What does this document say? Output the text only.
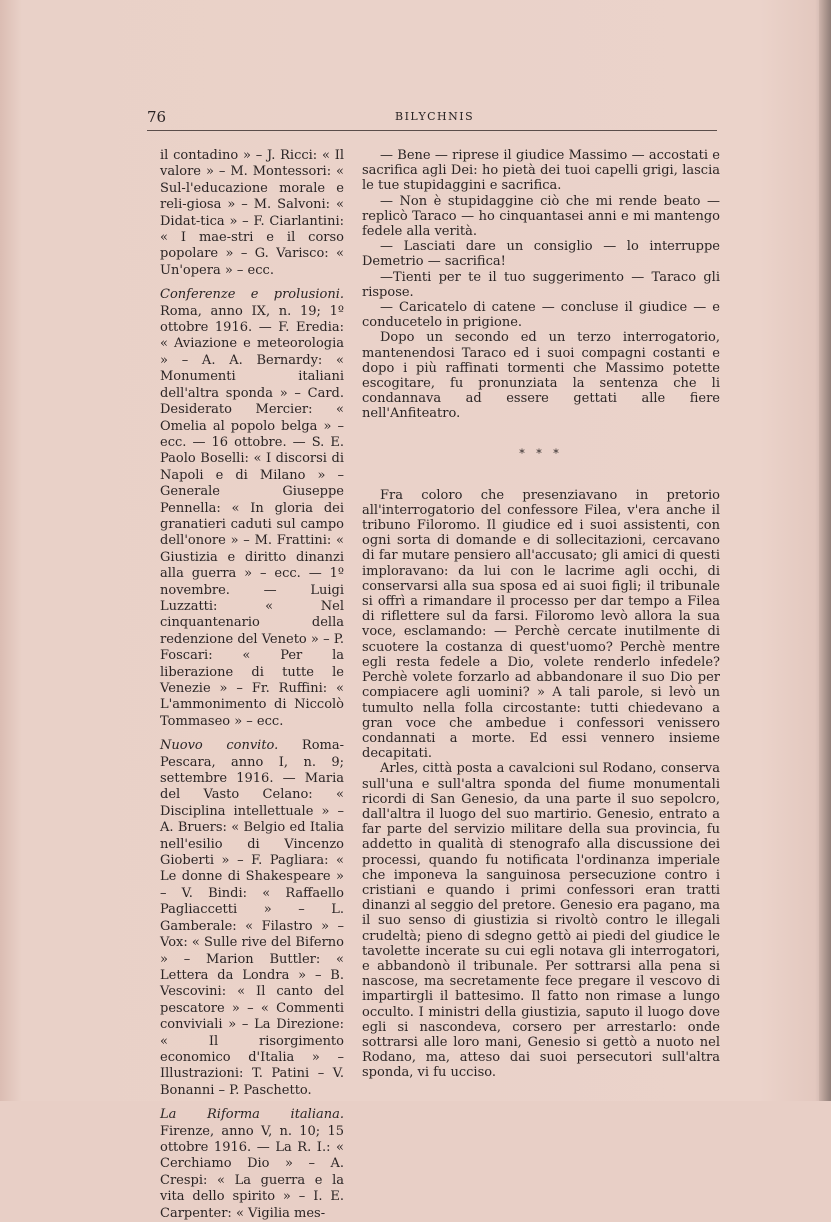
76	BILYCHNIS

il contadino » – J. Ricci: « Il valore » – M. Montessori: « Sul-l'educazione morale e reli-giosa » – M. Salvoni: « Didat-tica » – F. Ciarlantini: « I mae-stri e il corso popolare » – G. Varisco: « Un'opera » – ecc.

Conferenze e prolusioni. Roma, anno IX, n. 19; 1º ottobre 1916. — F. Eredia: « Aviazione e meteorologia » – A. A. Bernardy: « Monumenti italiani dell'altra sponda » – Card. Desiderato Mercier: « Omelia al popolo belga » – ecc. — 16 ottobre. — S. E. Paolo Boselli: « I discorsi di Napoli e di Milano » – Generale Giuseppe Pennella: « In gloria dei granatieri caduti sul campo dell'onore » – M. Frattini: « Giustizia e diritto dinanzi alla guerra » – ecc. — 1º novembre. — Luigi Luzzatti: « Nel cinquantenario della redenzione del Veneto » – P. Foscari: « Per la liberazione di tutte le Venezie » – Fr. Ruffini: « L'ammonimento di Niccolò Tommaseo » – ecc.

Nuovo convito. Roma-Pescara, anno I, n. 9; settembre 1916. — Maria del Vasto Celano: « Disciplina intellettuale » – A. Bruers: « Belgio ed Italia nell'esilio di Vincenzo Gioberti » – F. Pagliara: « Le donne di Shakespeare » – V. Bindi: « Raffaello Pagliaccetti » – L. Gamberale: « Filastro » – Vox: « Sulle rive del Biferno » – Marion Buttler: « Lettera da Londra » – B. Vescovini: « Il canto del pescatore » – « Commenti conviviali » – La Direzione: « Il risorgimento economico d'Italia » – Illustrazioni: T. Patini – V. Bonanni – P. Paschetto.

La Riforma italiana. Firenze, anno V, n. 10; 15 ottobre 1916. — La R. I.: « Cerchiamo Dio » – A. Crespi: « La guerra e la vita dello spirito » – I. E. Carpenter: « Vigilia mes-

— Bene — riprese il giudice Massimo — accostati e sacrifica agli Dei: ho pietà dei tuoi capelli grigi, lascia le tue stupidaggini e sacrifica.

— Non è stupidaggine ciò che mi rende beato — replicò Taraco — ho cinquantasei anni e mi mantengo fedele alla verità.

— Lasciati dare un consiglio — lo interruppe Demetrio — sacrifica!

—Tienti per te il tuo suggerimento — Taraco gli risposе.

— Caricatelo di catene — concluse il giudice — e conducetelo in prigione.

Dopo un secondo ed un terzo interrogatorio, mantenendosi Taraco ed i suoi compagni costanti e dopo i più raffinati tormenti che Massimo potette escogitare, fu pronunziata la sentenza che li condannava ad essere gettati alle fiere nell'Anfiteatro.

* * *

Fra coloro che presenziavano in pretorio all'interrogatorio del confessore Filea, v'era anche il tribuno Filoromo. Il giudice ed i suoi assistenti, con ogni sorta di domande e di sollecitazioni, cercavano di far mutare pensiero all'accusato; gli amici di questi imploravano: da lui con le lacrime agli occhi, di conservarsi alla sua sposa ed ai suoi figli; il tribunale si offrì a rimandare il processo per dar tempo a Filea di riflettere sul da farsi. Filoromo levò allora la sua voce, esclamando: — Perchè cercate inutilmente di scuotere la costanza di quest'uomo? Perchè mentre egli resta fedele a Dio, volete renderlo infedele? Perchè volete forzarlo ad abbandonare il suo Dio per compiacere agli uomini? » A tali parole, si levò un tumulto nella folla circostante: tutti chiedevano a gran voce che ambedue i confessori venissero condannati a morte. Ed essi vennero insieme decapitati.

Arles, città posta a cavalcioni sul Rodano, conserva sull'una e sull'altra sponda del fiume monumentali ricordi di San Genesio, da una parte il suo sepolcro, dall'altra il luogo del suo martirio. Genesio, entrato a far parte del servizio militare della sua provincia, fu addetto in qualità di stenografo alla discussione dei processi, quando fu notificata l'ordinanza imperiale che imponeva la sanguinosa persecuzione contro i cristiani e quando i primi confessori eran tratti dinanzi al seggio del pretore. Genesio era pagano, ma il suo senso di giustizia si rivoltò contro le illegali crudeltà; pieno di sdegno gettò ai piedi del giudice le tavolette incerate su cui egli notava gli interrogatori, e abbandonò il tribunale. Per sottrarsi alla pena si nascose, ma secretamente fece pregare il vescovo di impartirgli il battesimo. Il fatto non rimase a lungo occulto. I ministri della giustizia, saputo il luogo dove egli si nascondeva, corsero per arrestarlo: onde sottrarsi alle loro mani, Genesio si gettò a nuoto nel Rodano, ma, atteso dai suoi persecutori sull'altra sponda, vi fu ucciso.
